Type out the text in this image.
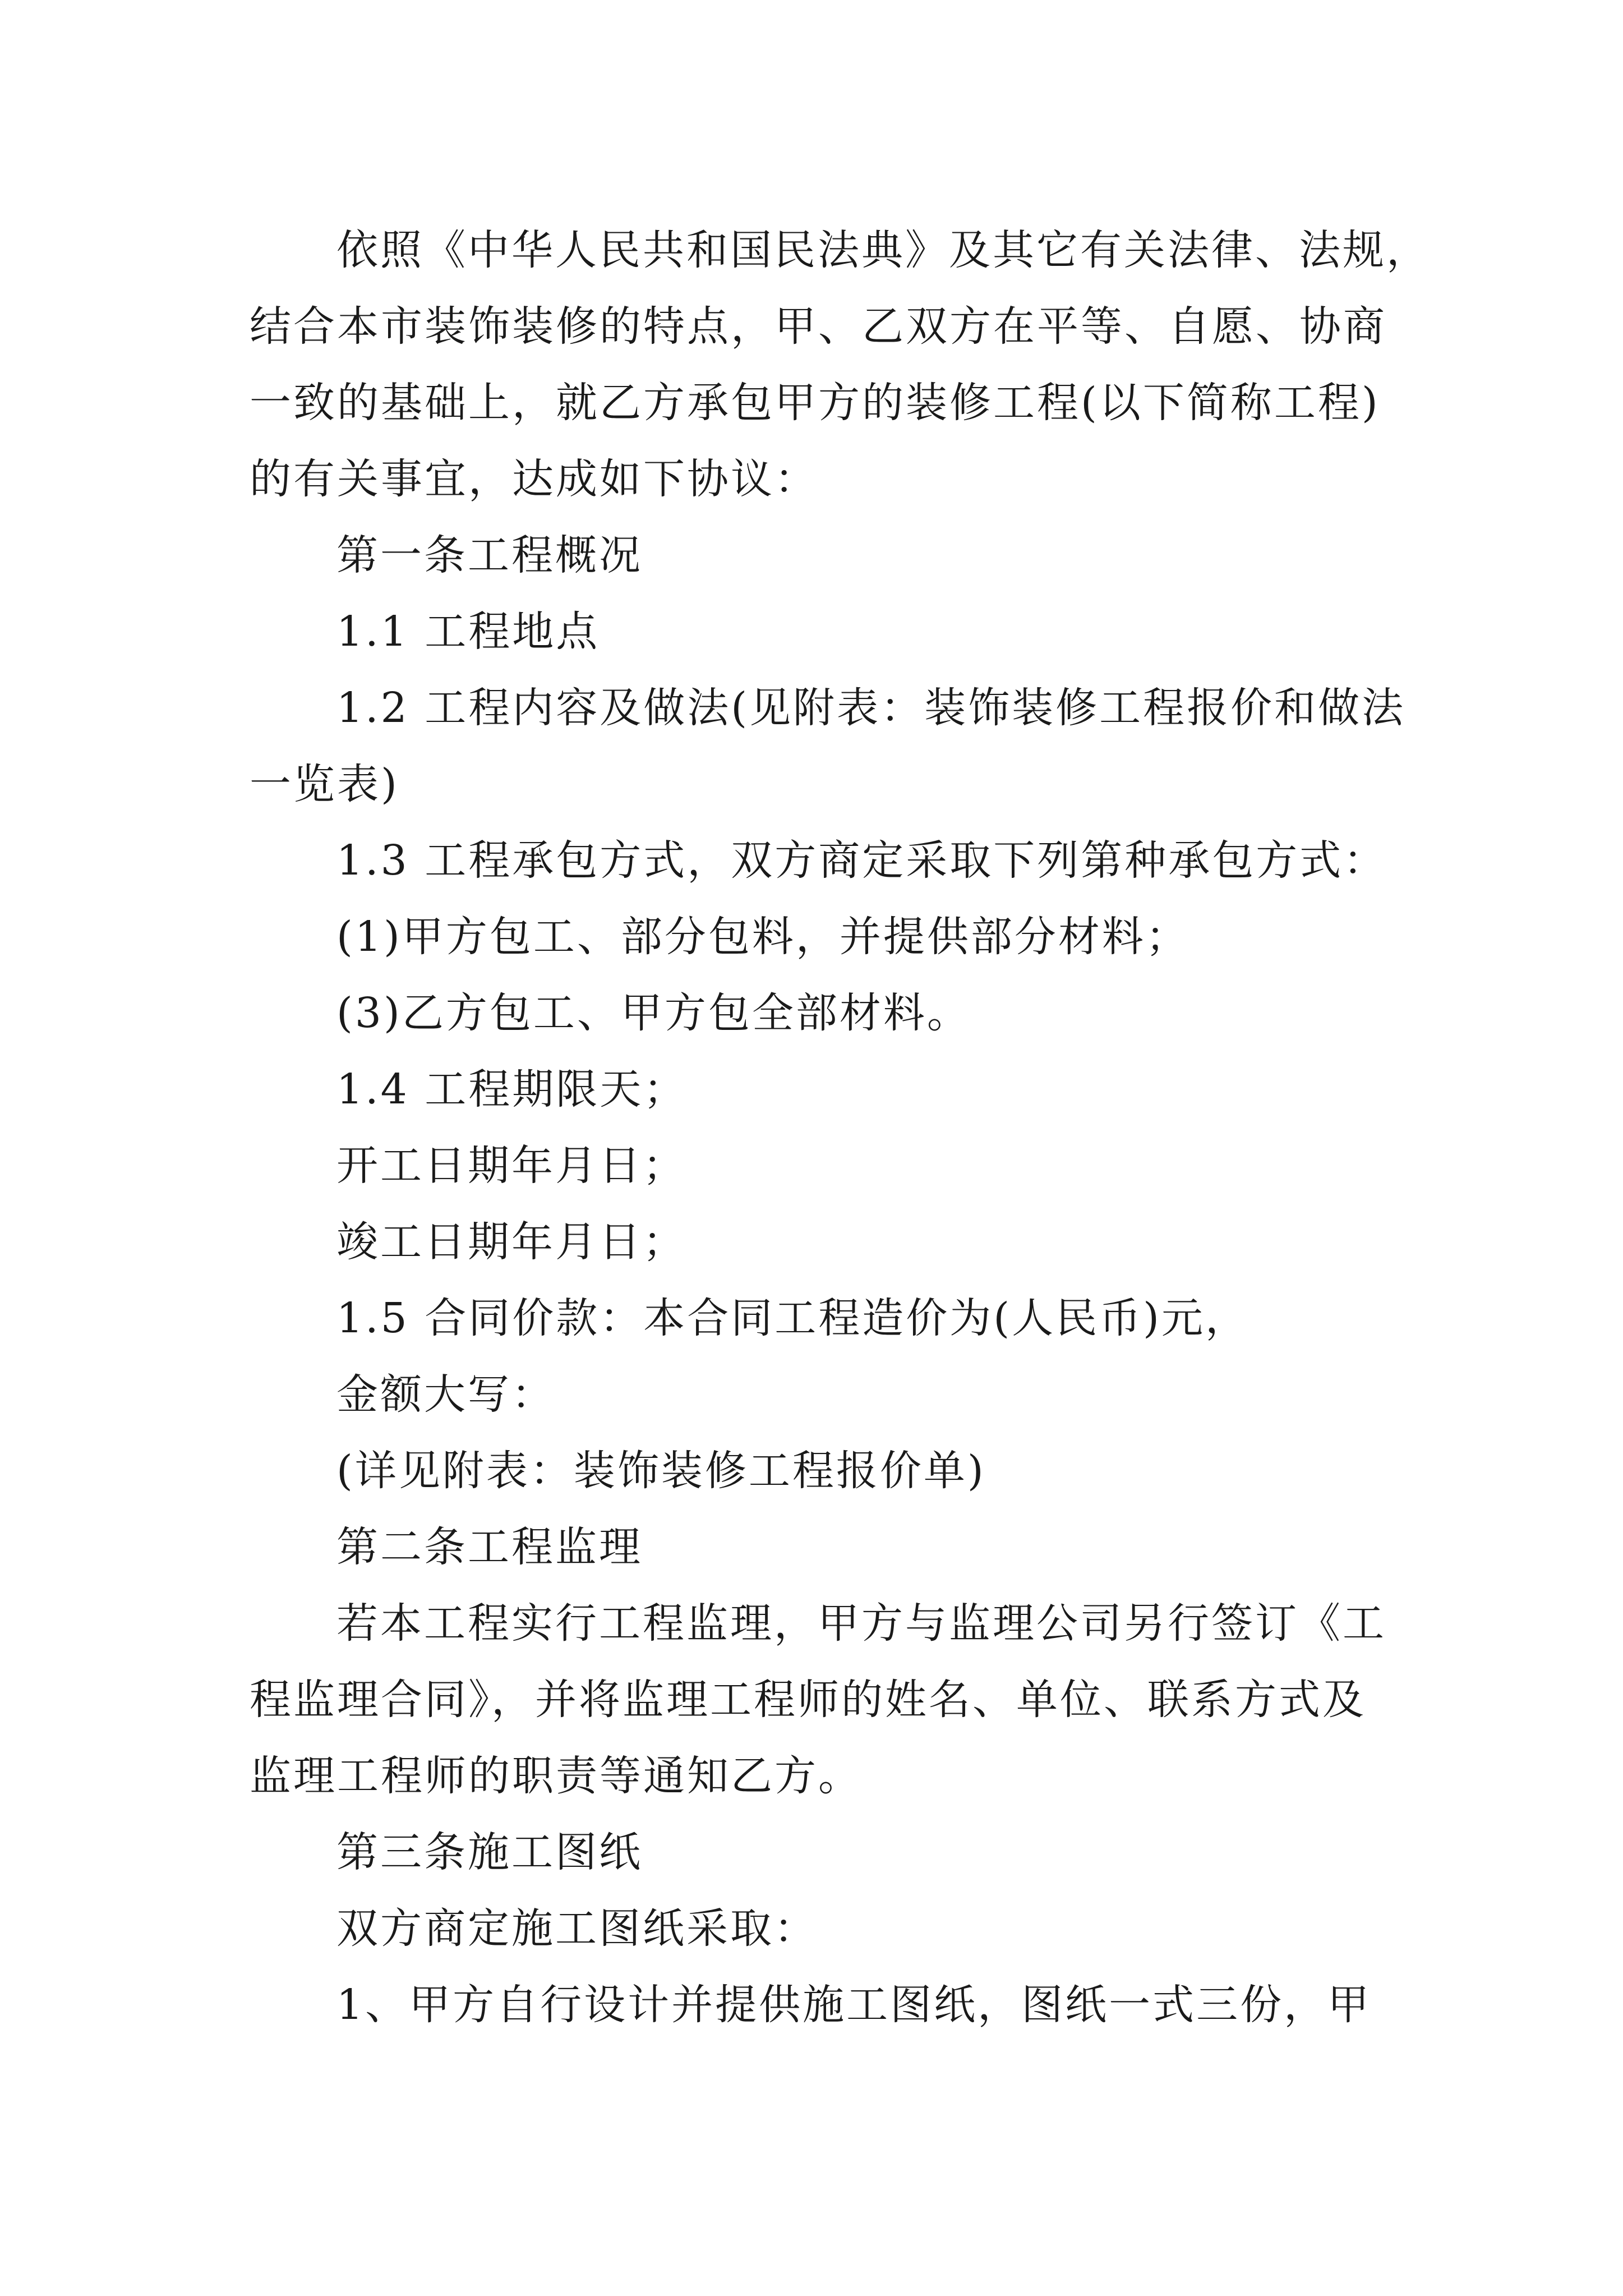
依照《中华人民共和国民法典》及其它有关法律、法规，
结合本市装饰装修的特点，甲、乙双方在平等、自愿、协商
一致的基础上，就乙方承包甲方的装修工程(以下简称工程)
的有关事宜，达成如下协议：
第一条工程概况
1.1 工程地点
1.2 工程内容及做法(见附表：装饰装修工程报价和做法
一览表)
1.3 工程承包方式，双方商定采取下列第种承包方式：
(1)甲方包工、部分包料，并提供部分材料；
(3)乙方包工、甲方包全部材料。
1.4 工程期限天；
开工日期年月日；
竣工日期年月日；
1.5 合同价款：本合同工程造价为(人民币)元，
金额大写：
(详见附表：装饰装修工程报价单)
第二条工程监理
若本工程实行工程监理，甲方与监理公司另行签订《工
程监理合同》，并将监理工程师的姓名、单位、联系方式及
监理工程师的职责等通知乙方。
第三条施工图纸
双方商定施工图纸采取：
1、甲方自行设计并提供施工图纸，图纸一式三份，甲
